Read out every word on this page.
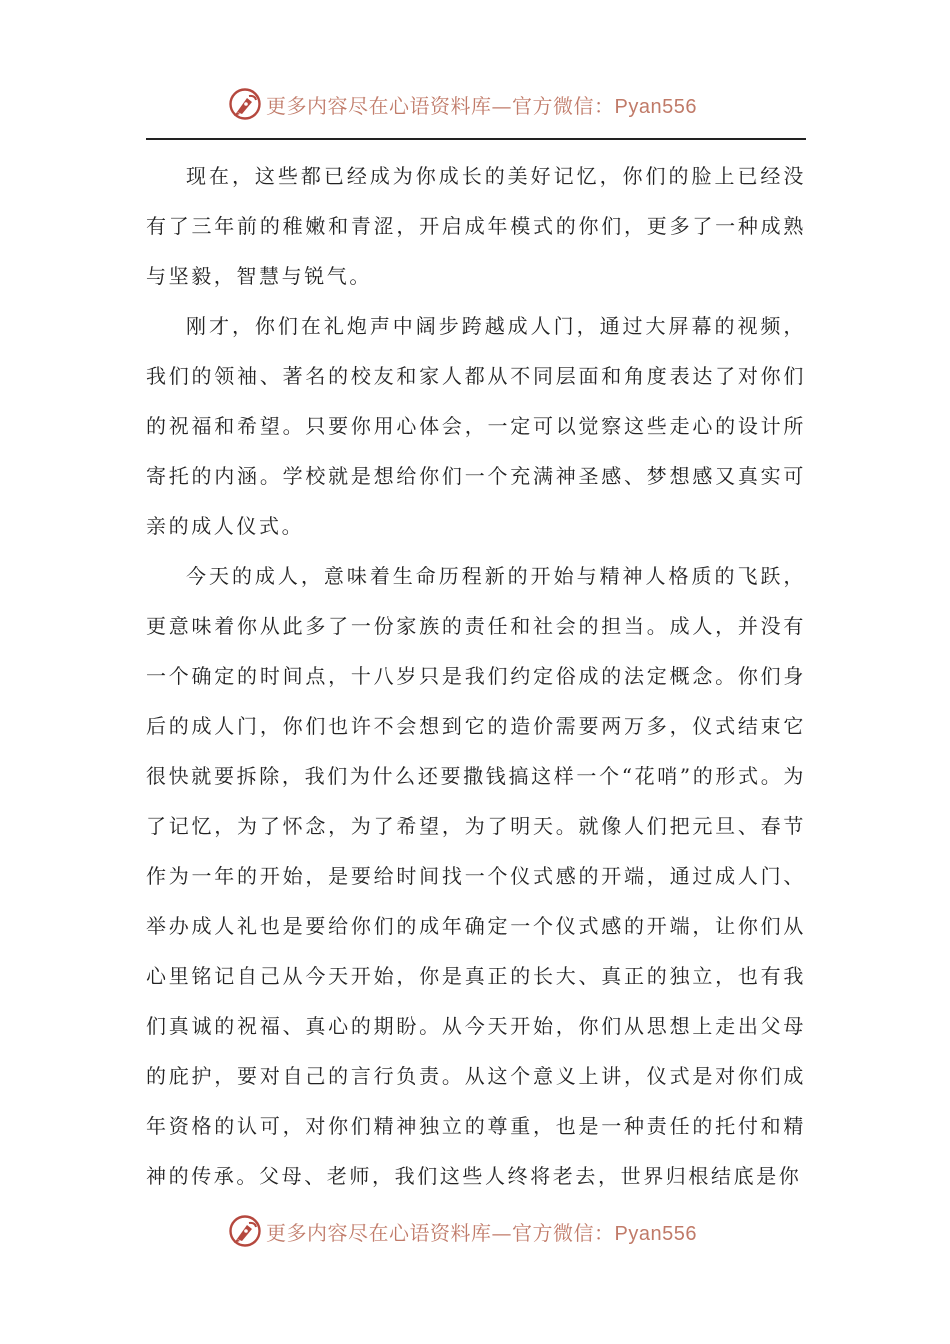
更多内容尽在心语资料库—官方微信：Pyan556

现在，这些都已经成为你成长的美好记忆，你们的脸上已经没有了三年前的稚嫩和青涩，开启成年模式的你们，更多了一种成熟与坚毅，智慧与锐气。

刚才，你们在礼炮声中阔步跨越成人门，通过大屏幕的视频，我们的领袖、著名的校友和家人都从不同层面和角度表达了对你们的祝福和希望。只要你用心体会，一定可以觉察这些走心的设计所寄托的内涵。学校就是想给你们一个充满神圣感、梦想感又真实可亲的成人仪式。

今天的成人，意味着生命历程新的开始与精神人格质的飞跃，更意味着你从此多了一份家族的责任和社会的担当。成人，并没有一个确定的时间点，十八岁只是我们约定俗成的法定概念。你们身后的成人门，你们也许不会想到它的造价需要两万多，仪式结束它很快就要拆除，我们为什么还要撒钱搞这样一个“花哨”的形式。为了记忆，为了怀念，为了希望，为了明天。就像人们把元旦、春节作为一年的开始，是要给时间找一个仪式感的开端，通过成人门、举办成人礼也是要给你们的成年确定一个仪式感的开端，让你们从心里铭记自己从今天开始，你是真正的长大、真正的独立，也有我们真诚的祝福、真心的期盼。从今天开始，你们从思想上走出父母的庇护，要对自己的言行负责。从这个意义上讲，仪式是对你们成年资格的认可，对你们精神独立的尊重，也是一种责任的托付和精神的传承。父母、老师，我们这些人终将老去，世界归根结底是你

更多内容尽在心语资料库—官方微信：Pyan556
